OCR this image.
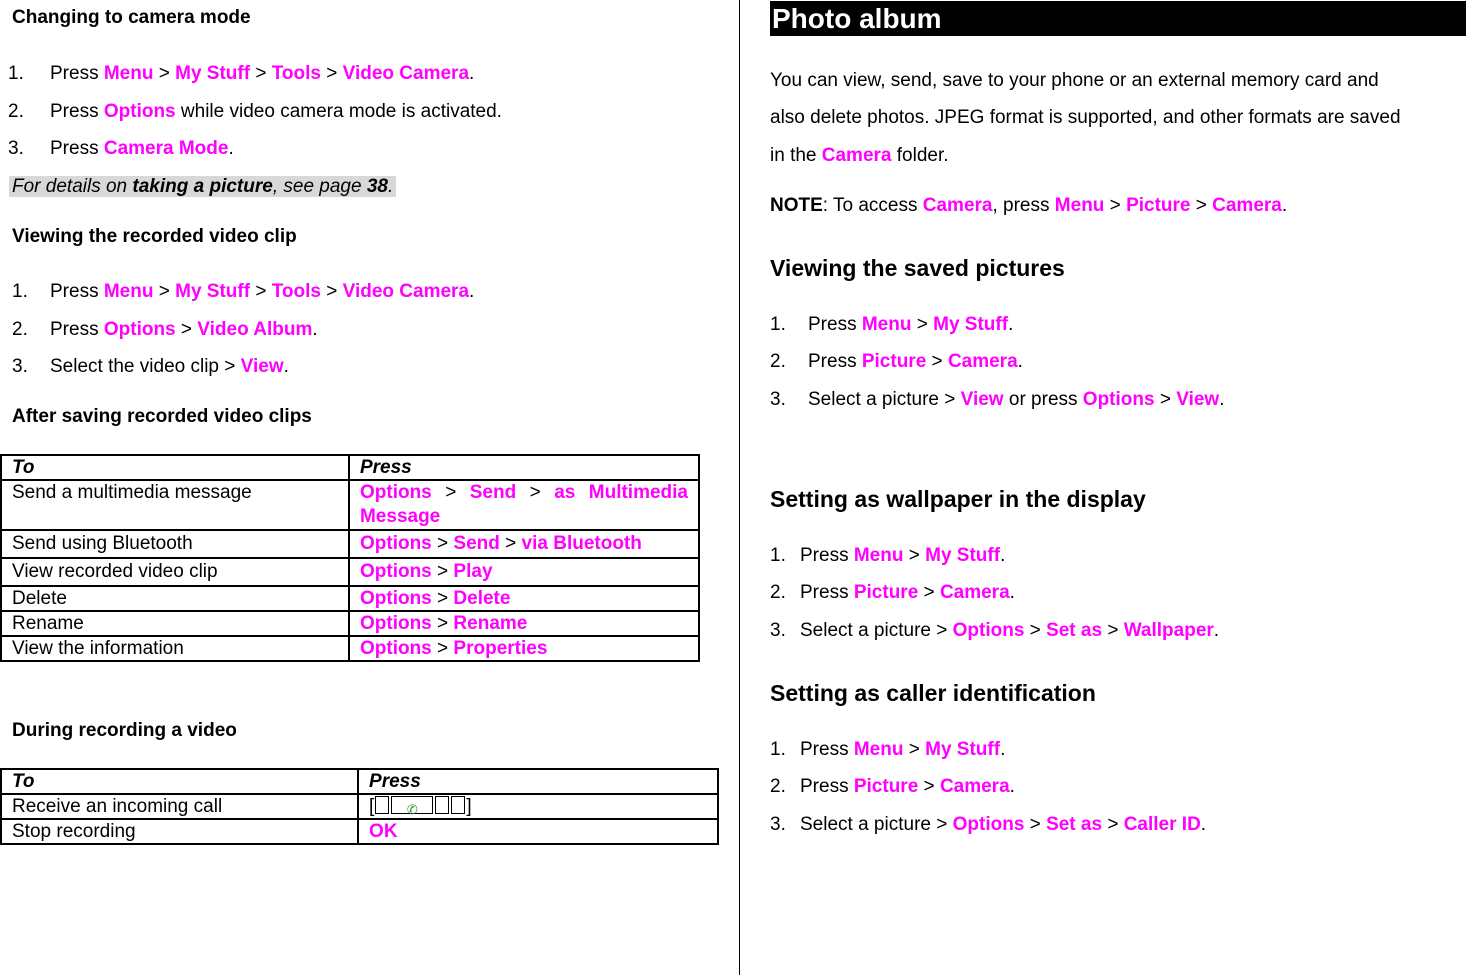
Changing to camera mode
1. Press Menu > My Stuff > Tools > Video Camera.
2. Press Options while video camera mode is activated.
3. Press Camera Mode.
For details on taking a picture, see page 38.
Viewing the recorded video clip
1. Press Menu > My Stuff > Tools > Video Camera.
2. Press Options > Video Album.
3. Select the video clip > View.
After saving recorded video clips
To	Press
Send a multimedia message	Options > Send > as Multimedia Message
Send using Bluetooth	Options > Send > via Bluetooth
View recorded video clip	Options > Play
Delete	Options > Delete
Rename	Options > Rename
View the information	Options > Properties
During recording a video
To	Press
Receive an incoming call	[ ✆ ]
Stop recording	OK
Photo album
You can view, send, save to your phone or an external memory card and
also delete photos. JPEG format is supported, and other formats are saved
in the Camera folder.
NOTE: To access Camera, press Menu > Picture > Camera.
Viewing the saved pictures
1. Press Menu > My Stuff.
2. Press Picture > Camera.
3. Select a picture > View or press Options > View.
Setting as wallpaper in the display
1. Press Menu > My Stuff.
2. Press Picture > Camera.
3. Select a picture > Options > Set as > Wallpaper.
Setting as caller identification
1. Press Menu > My Stuff.
2. Press Picture > Camera.
3. Select a picture > Options > Set as > Caller ID.
